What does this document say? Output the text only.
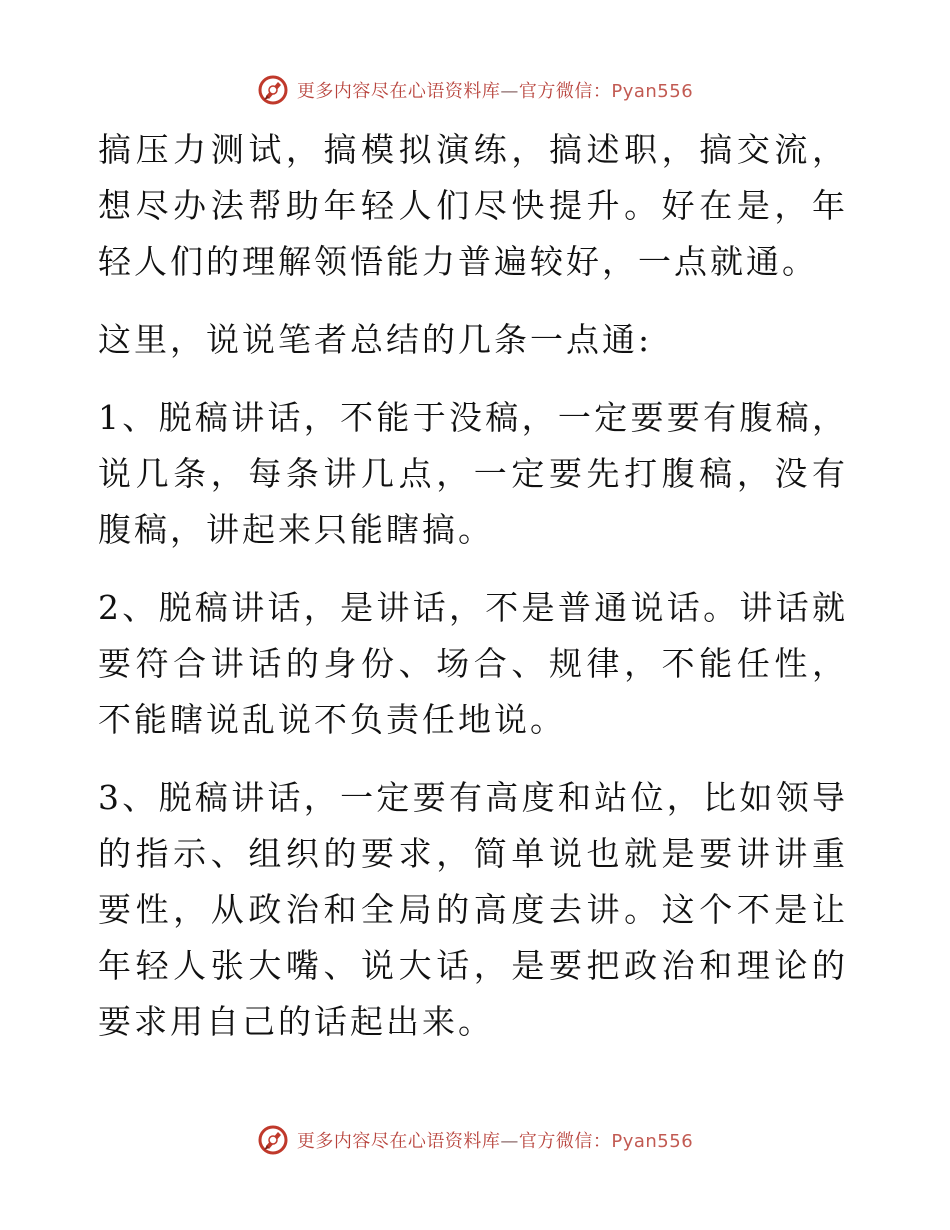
更多内容尽在心语资料库—官方微信：Pyan556

搞压力测试，搞模拟演练，搞述职，搞交流，想尽办法帮助年轻人们尽快提升。好在是，年轻人们的理解领悟能力普遍较好，一点就通。

这里，说说笔者总结的几条一点通:

1、脱稿讲话，不能于没稿，一定要要有腹稿，说几条，每条讲几点，一定要先打腹稿，没有腹稿，讲起来只能瞎搞。

2、脱稿讲话，是讲话，不是普通说话。讲话就要符合讲话的身份、场合、规律，不能任性，不能瞎说乱说不负责任地说。

3、脱稿讲话，一定要有高度和站位，比如领导的指示、组织的要求，简单说也就是要讲讲重要性，从政治和全局的高度去讲。这个不是让年轻人张大嘴、说大话，是要把政治和理论的要求用自己的话起出来。

更多内容尽在心语资料库—官方微信：Pyan556
